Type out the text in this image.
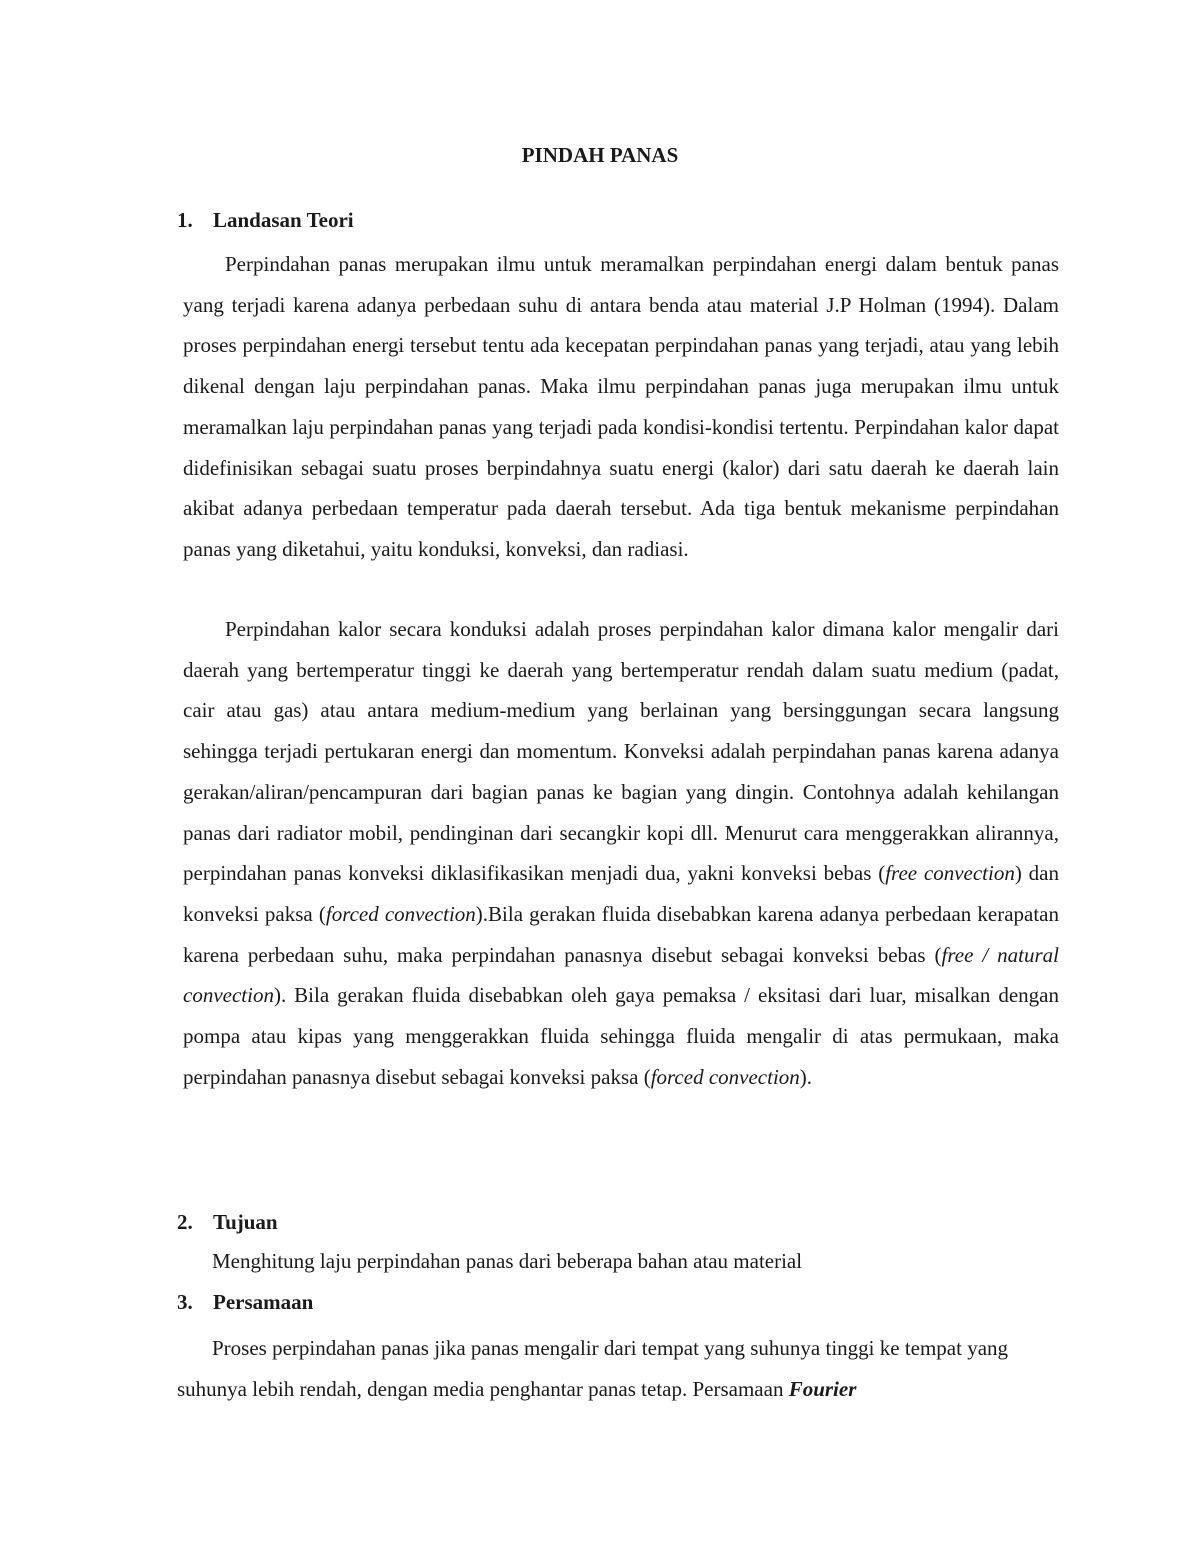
PINDAH PANAS
1. Landasan Teori

Perpindahan panas merupakan ilmu untuk meramalkan perpindahan energi dalam bentuk panas yang terjadi karena adanya perbedaan suhu di antara benda atau material J.P Holman (1994). Dalam proses perpindahan energi tersebut tentu ada kecepatan perpindahan panas yang terjadi, atau yang lebih dikenal dengan laju perpindahan panas. Maka ilmu perpindahan panas juga merupakan ilmu untuk meramalkan laju perpindahan panas yang terjadi pada kondisi-kondisi tertentu. Perpindahan kalor dapat didefinisikan sebagai suatu proses berpindahnya suatu energi (kalor) dari satu daerah ke daerah lain akibat adanya perbedaan temperatur pada daerah tersebut. Ada tiga bentuk mekanisme perpindahan panas yang diketahui, yaitu konduksi, konveksi, dan radiasi.

Perpindahan kalor secara konduksi adalah proses perpindahan kalor dimana kalor mengalir dari daerah yang bertemperatur tinggi ke daerah yang bertemperatur rendah dalam suatu medium (padat, cair atau gas) atau antara medium-medium yang berlainan yang bersinggungan secara langsung sehingga terjadi pertukaran energi dan momentum. Konveksi adalah perpindahan panas karena adanya gerakan/aliran/pencampuran dari bagian panas ke bagian yang dingin. Contohnya adalah kehilangan panas dari radiator mobil, pendinginan dari secangkir kopi dll. Menurut cara menggerakkan alirannya, perpindahan panas konveksi diklasifikasikan menjadi dua, yakni konveksi bebas (free convection) dan konveksi paksa (forced convection).Bila gerakan fluida disebabkan karena adanya perbedaan kerapatan karena perbedaan suhu, maka perpindahan panasnya disebut sebagai konveksi bebas (free / natural convection). Bila gerakan fluida disebabkan oleh gaya pemaksa / eksitasi dari luar, misalkan dengan pompa atau kipas yang menggerakkan fluida sehingga fluida mengalir di atas permukaan, maka perpindahan panasnya disebut sebagai konveksi paksa (forced convection).

2. Tujuan

Menghitung laju perpindahan panas dari beberapa bahan atau material

3. Persamaan

Proses perpindahan panas jika panas mengalir dari tempat yang suhunya tinggi ke tempat yang suhunya lebih rendah, dengan media penghantar panas tetap. Persamaan Fourier
